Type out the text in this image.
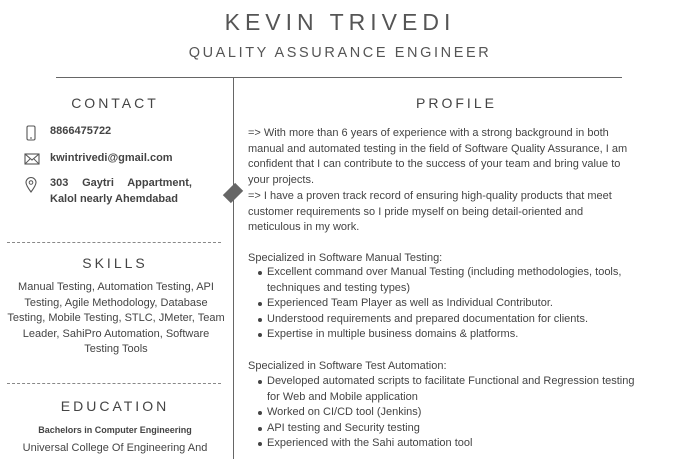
KEVIN TRIVEDI
QUALITY ASSURANCE ENGINEER
CONTACT
8866475722
kwintrivedi@gmail.com
303 Gaytri Appartment, Kalol nearly Ahemdabad
SKILLS
Manual Testing, Automation Testing, API Testing, Agile Methodology, Database Testing, Mobile Testing, STLC, JMeter, Team Leader, SahiPro Automation, Software Testing Tools
EDUCATION
Bachelors in Computer Engineering
Universal College Of Engineering And
PROFILE
=> With more than 6 years of experience with a strong background in both manual and automated testing in the field of Software Quality Assurance, I am confident that I can contribute to the success of your team and bring value to your projects.
=> I have a proven track record of ensuring high-quality products that meet customer requirements so I pride myself on being detail-oriented and meticulous in my work.
Specialized in Software Manual Testing:
Excellent command over Manual Testing (including methodologies, tools, techniques and testing types)
Experienced Team Player as well as Individual Contributor.
Understood requirements and prepared documentation for clients.
Expertise in multiple business domains & platforms.
Specialized in Software Test Automation:
Developed automated scripts to facilitate Functional and Regression testing for Web and Mobile application
Worked on CI/CD tool (Jenkins)
API testing and Security testing
Experienced with the Sahi automation tool
